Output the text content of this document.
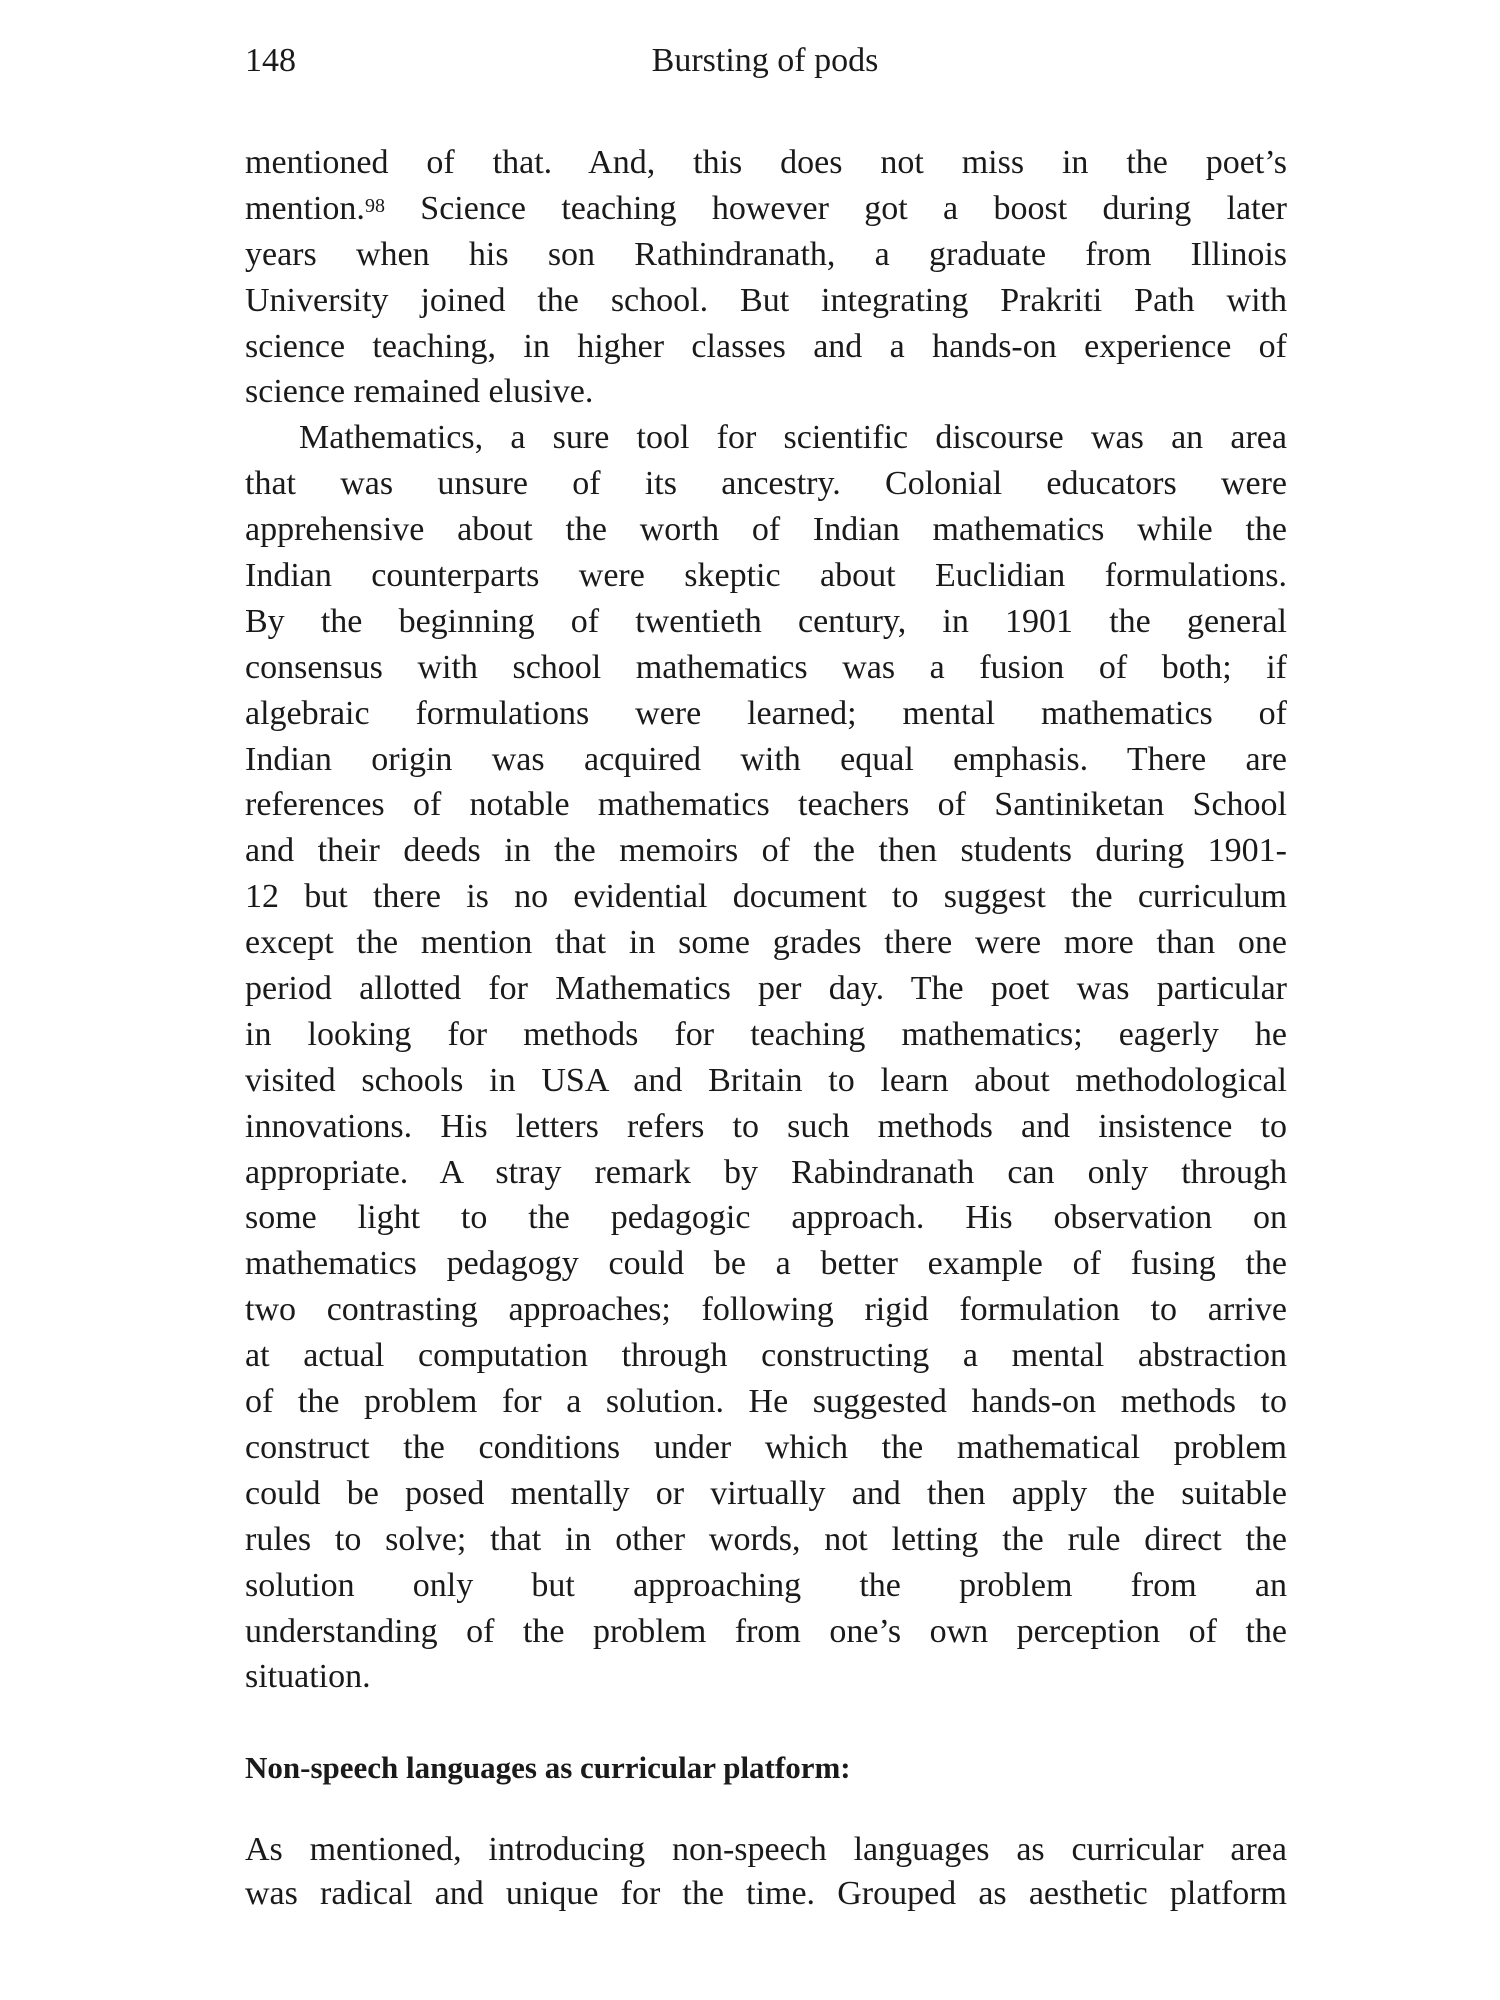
148	Bursting of pods
mentioned of that. And, this does not miss in the poet’s
mention.$^{98}$ Science teaching however got a boost during later
years when his son Rathindranath, a graduate from Illinois
University joined the school. But integrating Prakriti Path with
science teaching, in higher classes and a hands-on experience of
science remained elusive.
Mathematics, a sure tool for scientific discourse was an area
that was unsure of its ancestry. Colonial educators were
apprehensive about the worth of Indian mathematics while the
Indian counterparts were skeptic about Euclidian formulations.
By the beginning of twentieth century, in 1901 the general
consensus with school mathematics was a fusion of both; if
algebraic formulations were learned; mental mathematics of
Indian origin was acquired with equal emphasis. There are
references of notable mathematics teachers of Santiniketan School
and their deeds in the memoirs of the then students during 1901-
12 but there is no evidential document to suggest the curriculum
except the mention that in some grades there were more than one
period allotted for Mathematics per day. The poet was particular
in looking for methods for teaching mathematics; eagerly he
visited schools in USA and Britain to learn about methodological
innovations. His letters refers to such methods and insistence to
appropriate. A stray remark by Rabindranath can only through
some light to the pedagogic approach. His observation on
mathematics pedagogy could be a better example of fusing the
two contrasting approaches; following rigid formulation to arrive
at actual computation through constructing a mental abstraction
of the problem for a solution. He suggested hands-on methods to
construct the conditions under which the mathematical problem
could be posed mentally or virtually and then apply the suitable
rules to solve; that in other words, not letting the rule direct the
solution only but approaching the problem from an
understanding of the problem from one’s own perception of the
situation.
Non-speech languages as curricular platform:
As mentioned, introducing non-speech languages as curricular area
was radical and unique for the time. Grouped as aesthetic platform
